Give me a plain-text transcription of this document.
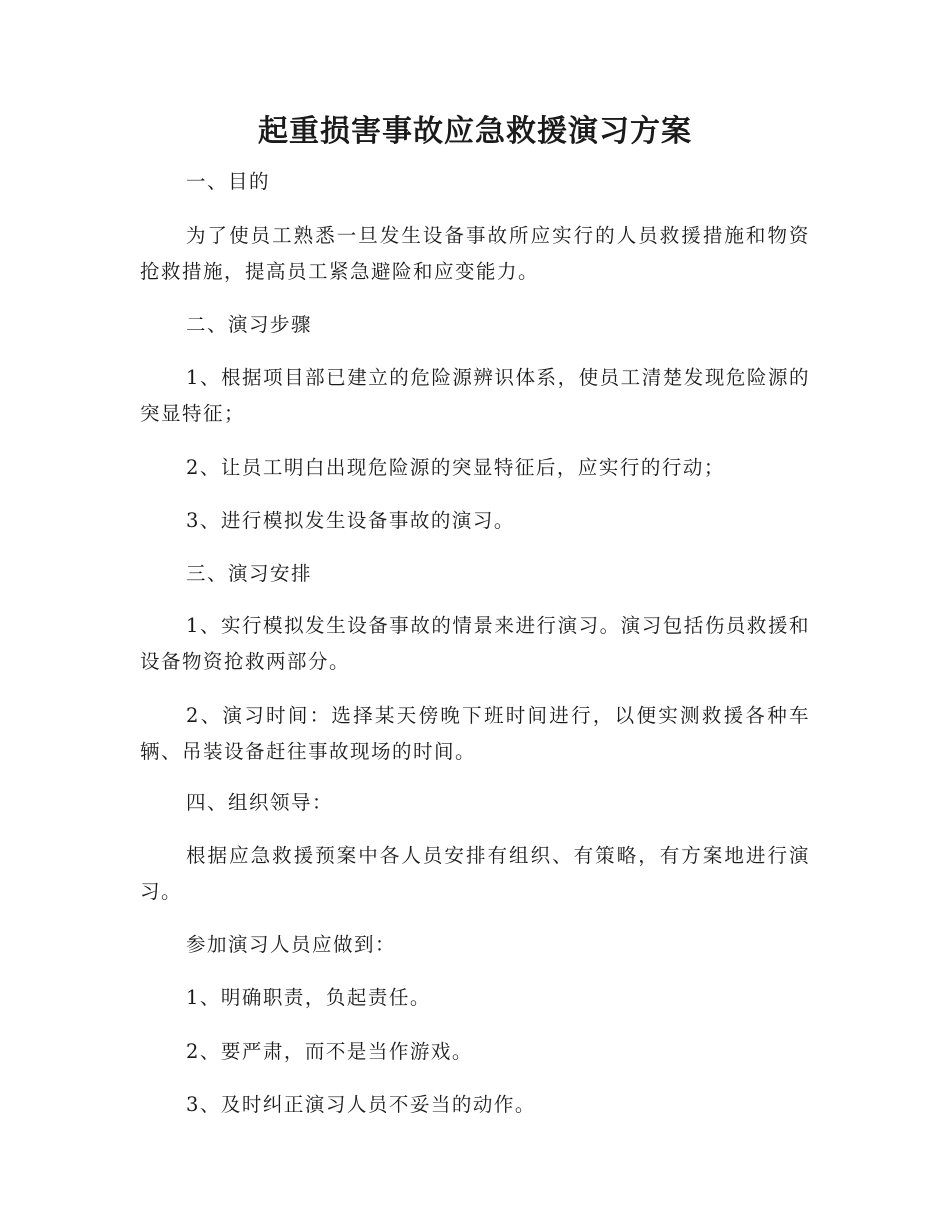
起重损害事故应急救援演习方案

一、目的

为了使员工熟悉一旦发生设备事故所应实行的人员救援措施和物资抢救措施，提高员工紧急避险和应变能力。

二、演习步骤

1、根据项目部已建立的危险源辨识体系，使员工清楚发现危险源的突显特征；

2、让员工明白出现危险源的突显特征后，应实行的行动；

3、进行模拟发生设备事故的演习。

三、演习安排

1、实行模拟发生设备事故的情景来进行演习。演习包括伤员救援和设备物资抢救两部分。

2、演习时间：选择某天傍晚下班时间进行，以便实测救援各种车辆、吊装设备赶往事故现场的时间。

四、组织领导：

根据应急救援预案中各人员安排有组织、有策略，有方案地进行演习。

参加演习人员应做到：

1、明确职责，负起责任。

2、要严肃，而不是当作游戏。

3、及时纠正演习人员不妥当的动作。
